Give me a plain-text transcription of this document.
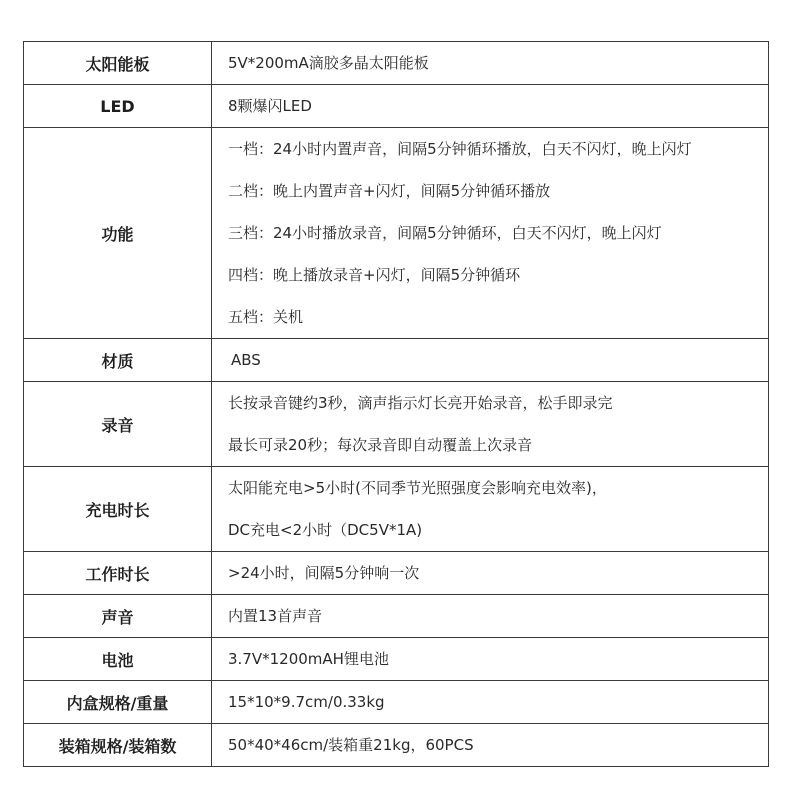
太阳能板	5V*200mA滴胶多晶太阳能板

LED	8颗爆闪LED

功能	一档：24小时内置声音，间隔5分钟循环播放，白天不闪灯，晚上闪灯
二档：晚上内置声音+闪灯，间隔5分钟循环播放
三档：24小时播放录音，间隔5分钟循环，白天不闪灯，晚上闪灯
四档：晚上播放录音+闪灯，间隔5分钟循环
五档：关机

材质	ABS

录音	长按录音键约3秒，滴声指示灯长亮开始录音，松手即录完
最长可录20秒；每次录音即自动覆盖上次录音

充电时长	太阳能充电>5小时(不同季节光照强度会影响充电效率)，
DC充电<2小时（DC5V*1A)

工作时长	>24小时，间隔5分钟响一次

声音	内置13首声音

电池	3.7V*1200mAH锂电池

内盒规格/重量	15*10*9.7cm/0.33kg

装箱规格/装箱数	50*40*46cm/装箱重21kg，60PCS
